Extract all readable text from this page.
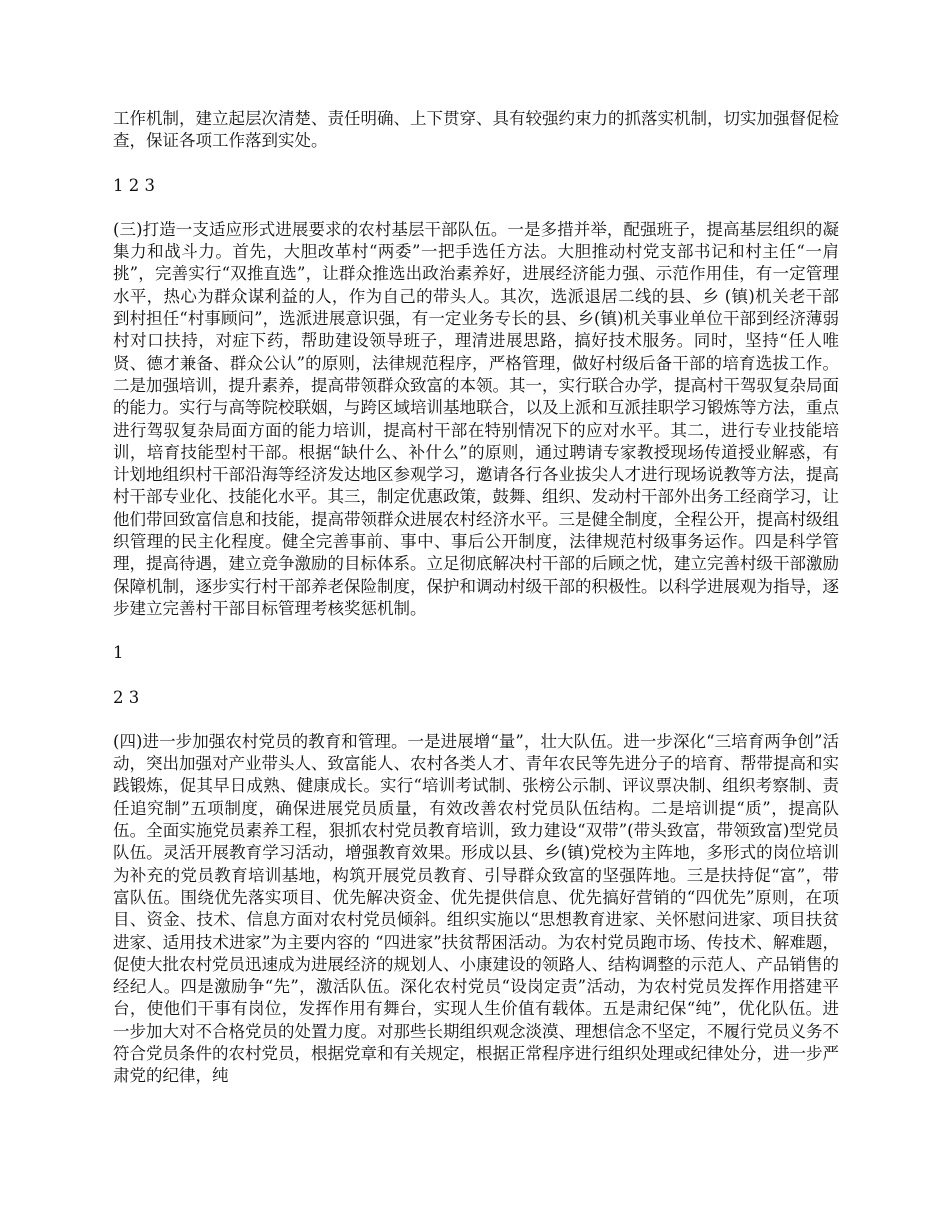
工作机制，建立起层次清楚、责任明确、上下贯穿、具有较强约束力的抓落实机制，切实加强督促检查，保证各项工作落到实处。

1 2 3

(三)打造一支适应形式进展要求的农村基层干部队伍。一是多措并举，配强班子，提高基层组织的凝集力和战斗力。首先，大胆改革村“两委”一把手选任方法。大胆推动村党支部书记和村主任“一肩挑”，完善实行“双推直选”，让群众推选出政治素养好，进展经济能力强、示范作用佳，有一定管理水平，热心为群众谋利益的人，作为自己的带头人。其次，选派退居二线的县、乡 (镇)机关老干部到村担任“村事顾问”，选派进展意识强，有一定业务专长的县、乡(镇)机关事业单位干部到经济薄弱村对口扶持，对症下药，帮助建设领导班子，理清进展思路，搞好技术服务。同时，坚持“任人唯贤、德才兼备、群众公认”的原则，法律规范程序，严格管理，做好村级后备干部的培育选拔工作。二是加强培训，提升素养，提高带领群众致富的本领。其一，实行联合办学，提高村干驾驭复杂局面的能力。实行与高等院校联姻，与跨区域培训基地联合，以及上派和互派挂职学习锻炼等方法，重点进行驾驭复杂局面方面的能力培训，提高村干部在特别情况下的应对水平。其二，进行专业技能培训，培育技能型村干部。根据“缺什么、补什么”的原则，通过聘请专家教授现场传道授业解惑，有计划地组织村干部沿海等经济发达地区参观学习，邀请各行各业拔尖人才进行现场说教等方法，提高村干部专业化、技能化水平。其三，制定优惠政策，鼓舞、组织、发动村干部外出务工经商学习，让他们带回致富信息和技能，提高带领群众进展农村经济水平。三是健全制度，全程公开，提高村级组织管理的民主化程度。健全完善事前、事中、事后公开制度，法律规范村级事务运作。四是科学管理，提高待遇，建立竞争激励的目标体系。立足彻底解决村干部的后顾之忧，建立完善村级干部激励保障机制，逐步实行村干部养老保险制度，保护和调动村级干部的积极性。以科学进展观为指导，逐步建立完善村干部目标管理考核奖惩机制。

1

2 3

(四)进一步加强农村党员的教育和管理。一是进展增“量”，壮大队伍。进一步深化“三培育两争创”活动，突出加强对产业带头人、致富能人、农村各类人才、青年农民等先进分子的培育、帮带提高和实践锻炼，促其早日成熟、健康成长。实行“培训考试制、张榜公示制、评议票决制、组织考察制、责任追究制”五项制度，确保进展党员质量，有效改善农村党员队伍结构。二是培训提“质”，提高队伍。全面实施党员素养工程，狠抓农村党员教育培训，致力建设“双带”(带头致富，带领致富)型党员队伍。灵活开展教育学习活动，增强教育效果。形成以县、乡(镇)党校为主阵地，多形式的岗位培训为补充的党员教育培训基地，构筑开展党员教育、引导群众致富的坚强阵地。三是扶持促“富”，带富队伍。围绕优先落实项目、优先解决资金、优先提供信息、优先搞好营销的“四优先”原则，在项目、资金、技术、信息方面对农村党员倾斜。组织实施以“思想教育进家、关怀慰问进家、项目扶贫进家、适用技术进家”为主要内容的 “四进家”扶贫帮困活动。为农村党员跑市场、传技术、解难题，促使大批农村党员迅速成为进展经济的规划人、小康建设的领路人、结构调整的示范人、产品销售的经纪人。四是激励争“先”，激活队伍。深化农村党员“设岗定责”活动，为农村党员发挥作用搭建平台，使他们干事有岗位，发挥作用有舞台，实现人生价值有载体。五是肃纪保“纯”，优化队伍。进一步加大对不合格党员的处置力度。对那些长期组织观念淡漠、理想信念不坚定，不履行党员义务不符合党员条件的农村党员，根据党章和有关规定，根据正常程序进行组织处理或纪律处分，进一步严肃党的纪律，纯
